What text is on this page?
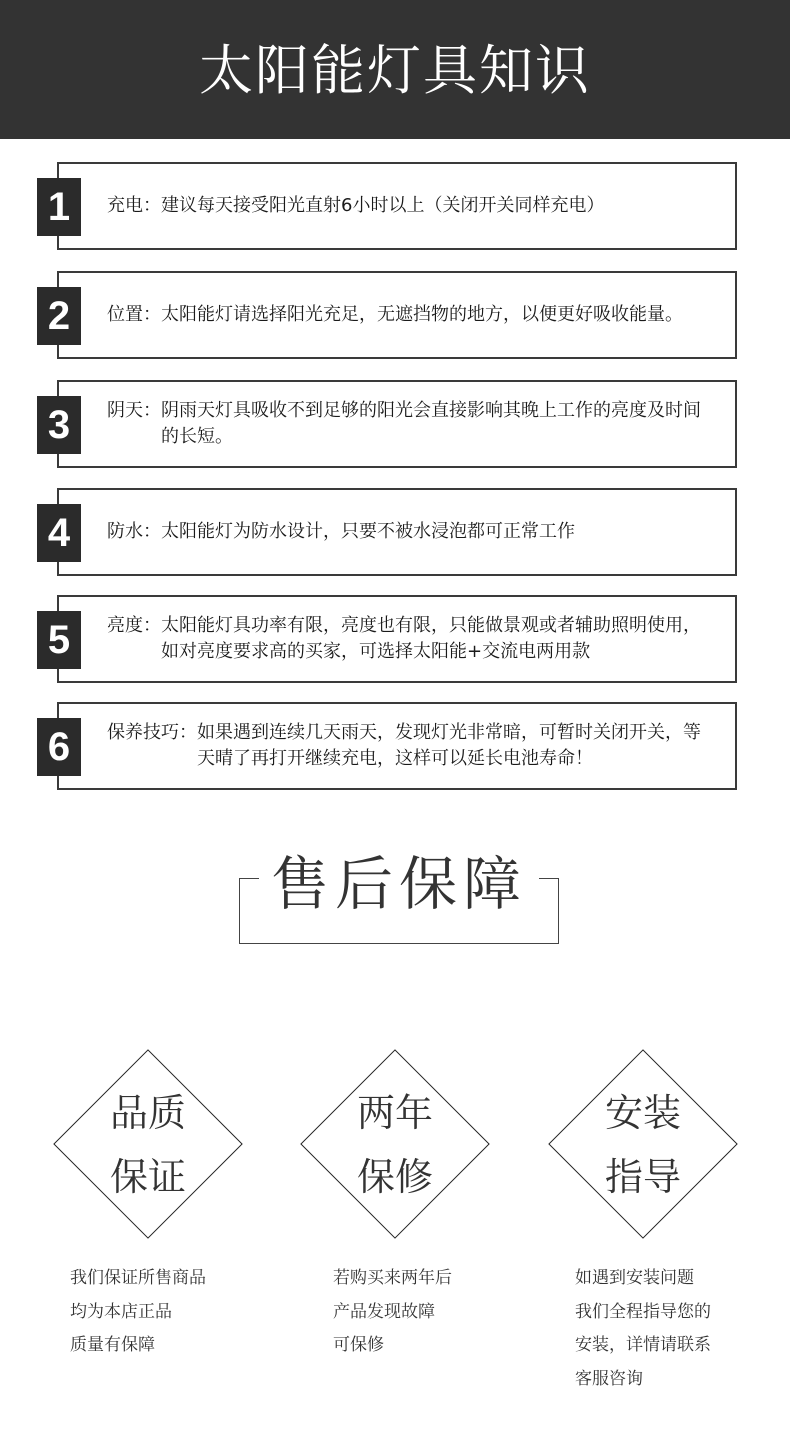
太阳能灯具知识
1	充电： 建议每天接受阳光直射6小时以上（关闭开关同样充电）
2	位置： 太阳能灯请选择阳光充足，无遮挡物的地方，以便更好吸收能量。
3	阴天： 阴雨天灯具吸收不到足够的阳光会直接影响其晚上工作的亮度及时间的长短。
4	防水： 太阳能灯为防水设计，只要不被水浸泡都可正常工作
5	亮度： 太阳能灯具功率有限，亮度也有限，只能做景观或者辅助照明使用，如对亮度要求高的买家，可选择太阳能+交流电两用款
6	保养技巧： 如果遇到连续几天雨天，发现灯光非常暗，可暂时关闭开关，等天晴了再打开继续充电，这样可以延长电池寿命！
售后保障
品质
保证
两年
保修
安装
指导
我们保证所售商品
均为本店正品
质量有保障
若购买来两年后
产品发现故障
可保修
如遇到安装问题
我们全程指导您的
安装，详情请联系
客服咨询
